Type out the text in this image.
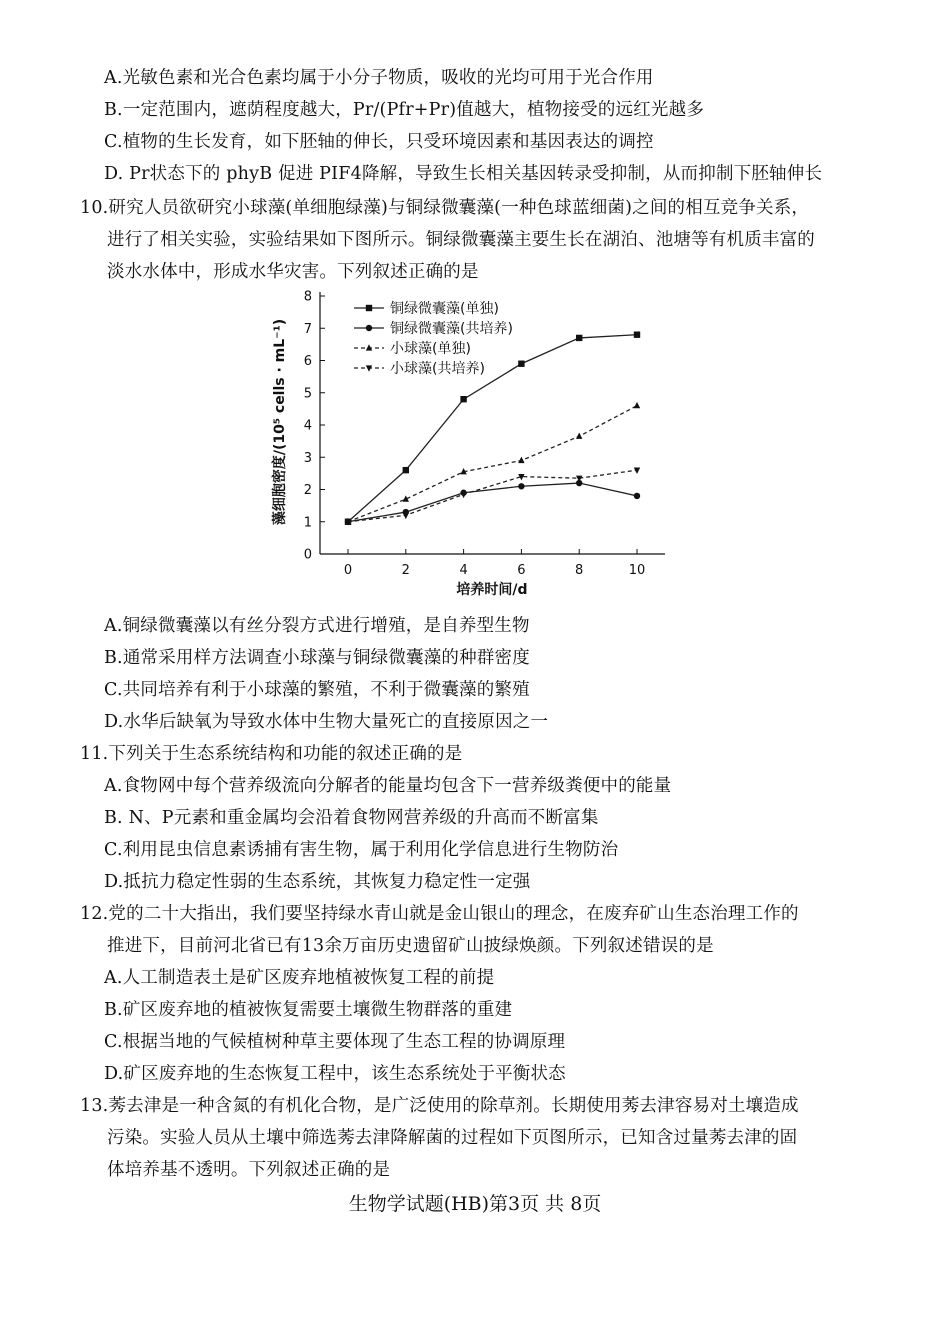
A.光敏色素和光合色素均属于小分子物质，吸收的光均可用于光合作用
B.一定范围内，遮荫程度越大，Pr/(Pfr+Pr)值越大，植物接受的远红光越多
C.植物的生长发育，如下胚轴的伸长，只受环境因素和基因表达的调控
D. Pr状态下的 phyB 促进 PIF4降解，导致生长相关基因转录受抑制，从而抑制下胚轴伸长
10.研究人员欲研究小球藻(单细胞绿藻)与铜绿微囊藻(一种色球蓝细菌)之间的相互竞争关系，
进行了相关实验，实验结果如下图所示。铜绿微囊藻主要生长在湖泊、池塘等有机质丰富的
淡水水体中，形成水华灾害。下列叙述正确的是
0
1
2
3
4
5
6
7
8
0	2	4	6	8	10
铜绿微囊藻(单独)
铜绿微囊藻(共培养)
小球藻(单独)
小球藻(共培养)
藻细胞密度/(10⁵ cells · mL⁻¹)
培养时间/d
A.铜绿微囊藻以有丝分裂方式进行增殖，是自养型生物
B.通常采用样方法调查小球藻与铜绿微囊藻的种群密度
C.共同培养有利于小球藻的繁殖，不利于微囊藻的繁殖
D.水华后缺氧为导致水体中生物大量死亡的直接原因之一
11.下列关于生态系统结构和功能的叙述正确的是
A.食物网中每个营养级流向分解者的能量均包含下一营养级粪便中的能量
B. N、P元素和重金属均会沿着食物网营养级的升高而不断富集
C.利用昆虫信息素诱捕有害生物，属于利用化学信息进行生物防治
D.抵抗力稳定性弱的生态系统，其恢复力稳定性一定强
12.党的二十大指出，我们要坚持绿水青山就是金山银山的理念，在废弃矿山生态治理工作的
推进下，目前河北省已有13余万亩历史遗留矿山披绿焕颜。下列叙述错误的是
A.人工制造表土是矿区废弃地植被恢复工程的前提
B.矿区废弃地的植被恢复需要土壤微生物群落的重建
C.根据当地的气候植树种草主要体现了生态工程的协调原理
D.矿区废弃地的生态恢复工程中，该生态系统处于平衡状态
13.莠去津是一种含氮的有机化合物，是广泛使用的除草剂。长期使用莠去津容易对土壤造成
污染。实验人员从土壤中筛选莠去津降解菌的过程如下页图所示，已知含过量莠去津的固
体培养基不透明。下列叙述正确的是
生物学试题(HB)第3页 共 8页
